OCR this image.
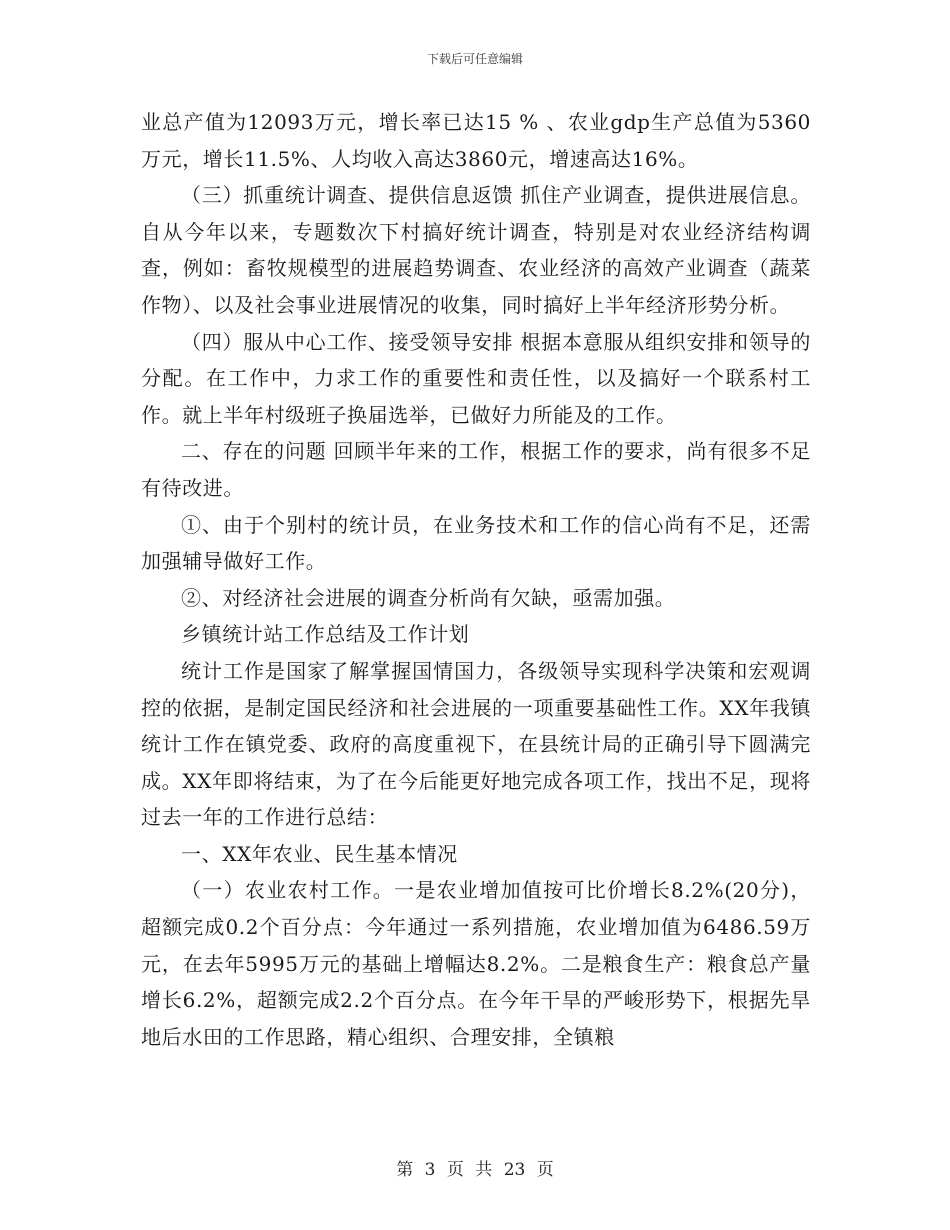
下载后可任意编辑

业总产值为12093万元，增长率已达15 % 、农业gdp生产总值为5360万元，增长11.5%、人均收入高达3860元，增速高达16%。

（三）抓重统计调查、提供信息返馈 抓住产业调查，提供进展信息。自从今年以来，专题数次下村搞好统计调查，特别是对农业经济结构调查，例如：畜牧规模型的进展趋势调查、农业经济的高效产业调查（蔬菜作物）、以及社会事业进展情况的收集，同时搞好上半年经济形势分析。

（四）服从中心工作、接受领导安排 根据本意服从组织安排和领导的分配。在工作中，力求工作的重要性和责任性，以及搞好一个联系村工作。就上半年村级班子换届选举，已做好力所能及的工作。

二、存在的问题 回顾半年来的工作，根据工作的要求，尚有很多不足有待改进。

①、由于个别村的统计员，在业务技术和工作的信心尚有不足，还需加强辅导做好工作。

②、对经济社会进展的调查分析尚有欠缺，亟需加强。

乡镇统计站工作总结及工作计划

统计工作是国家了解掌握国情国力，各级领导实现科学决策和宏观调控的依据，是制定国民经济和社会进展的一项重要基础性工作。XX年我镇统计工作在镇党委、政府的高度重视下，在县统计局的正确引导下圆满完成。XX年即将结束，为了在今后能更好地完成各项工作，找出不足，现将过去一年的工作进行总结：

一、XX年农业、民生基本情况

（一）农业农村工作。一是农业增加值按可比价增长8.2%(20分)，超额完成0.2个百分点：今年通过一系列措施，农业增加值为6486.59万元，在去年5995万元的基础上增幅达8.2%。二是粮食生产：粮食总产量增长6.2%，超额完成2.2个百分点。在今年干旱的严峻形势下，根据先旱地后水田的工作思路，精心组织、合理安排，全镇粮

第 3 页 共 23 页
